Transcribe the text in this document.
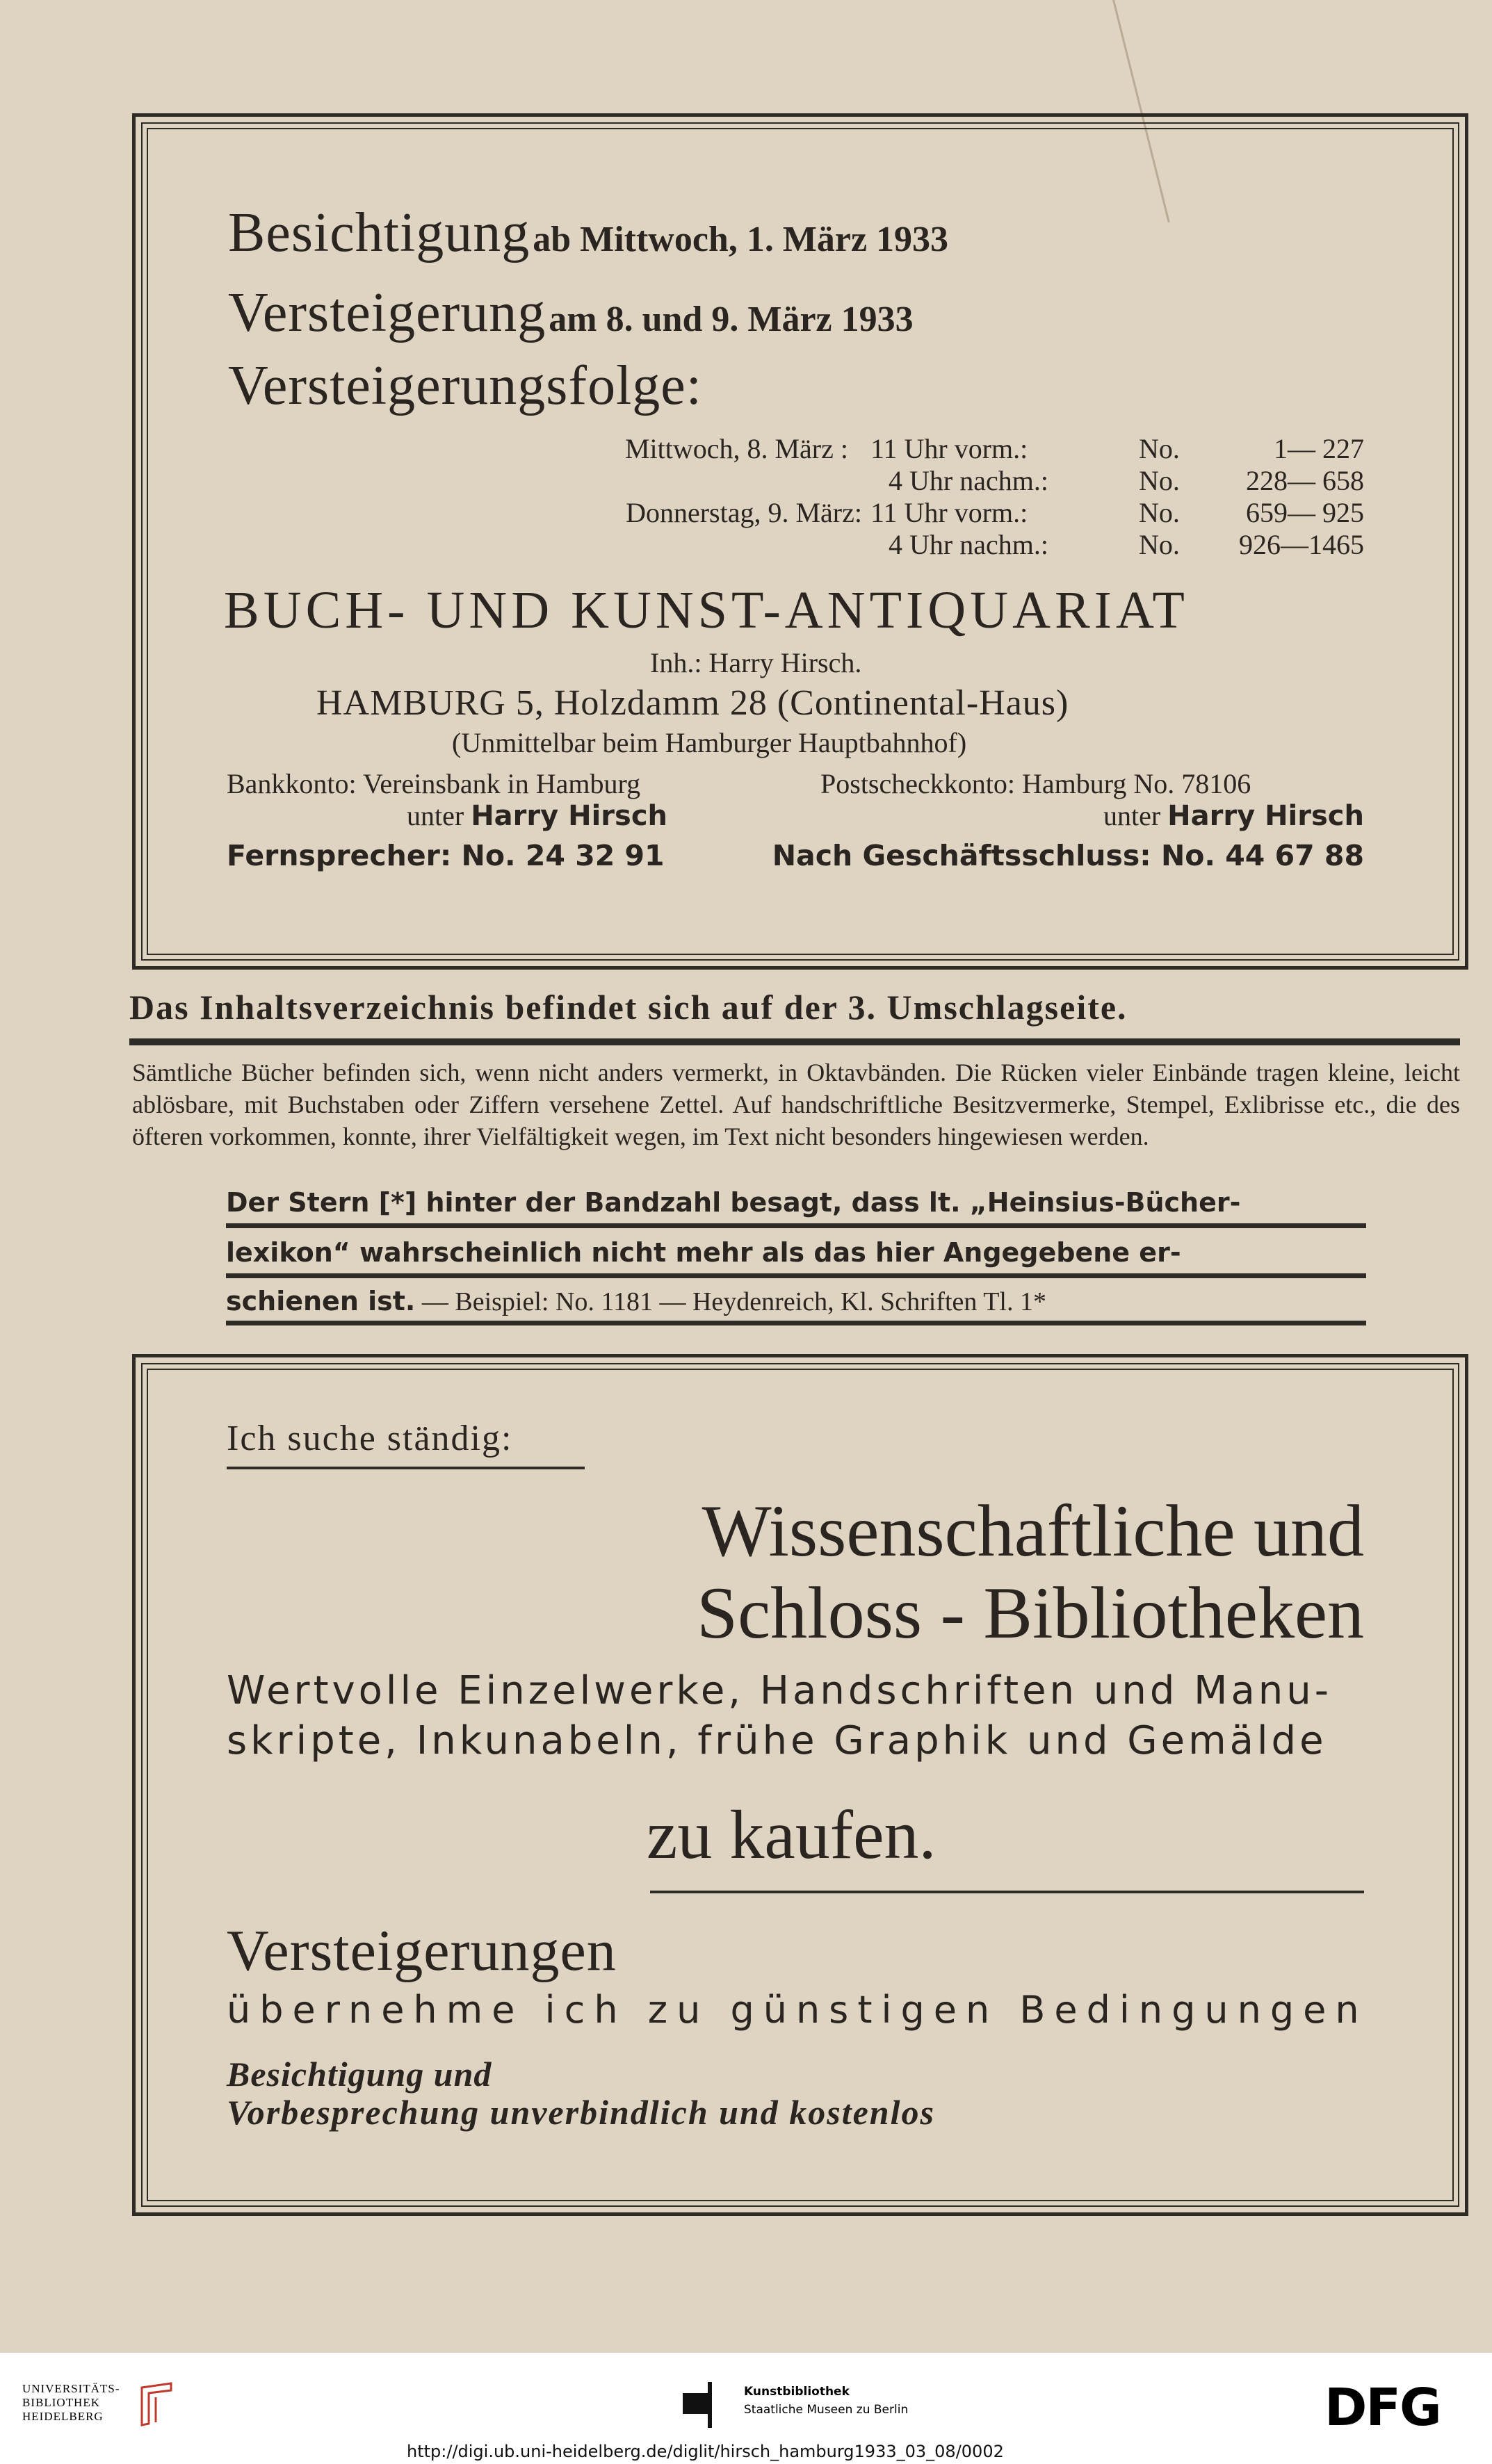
Besichtigung ab Mittwoch, 1. März 1933
Versteigerung am 8. und 9. März 1933
Versteigerungsfolge:
Mittwoch, 8. März : 11 Uhr vorm.:	No.	1— 227
4 Uhr nachm.:	No.	228— 658
Donnerstag, 9. März: 11 Uhr vorm.:	No.	659— 925
4 Uhr nachm.:	No.	926—1465
BUCH- UND KUNST-ANTIQUARIAT
Inh.: Harry Hirsch.
HAMBURG 5, Holzdamm 28 (Continental-Haus)
(Unmittelbar beim Hamburger Hauptbahnhof)
Bankkonto: Vereinsbank in Hamburg
unter Harry Hirsch
Postscheckkonto: Hamburg No. 78106
unter Harry Hirsch
Fernsprecher: No. 24 32 91	Nach Geschäftsschluss: No. 44 67 88
Das Inhaltsverzeichnis befindet sich auf der 3. Umschlagseite.
Sämtliche Bücher befinden sich, wenn nicht anders vermerkt, in Oktavbänden. Die Rücken vieler Einbände tragen kleine, leicht ablösbare, mit Buchstaben oder Ziffern versehene Zettel. Auf handschriftliche Besitzvermerke, Stempel, Exlibrisse etc., die des öfteren vorkommen, konnte, ihrer Vielfältigkeit wegen, im Text nicht besonders hingewiesen werden.
Der Stern [*] hinter der Bandzahl besagt, dass lt. „Heinsius-Bücher-
lexikon“ wahrscheinlich nicht mehr als das hier Angegebene er-
schienen ist. — Beispiel: No. 1181 — Heydenreich, Kl. Schriften Tl. 1*
Ich suche ständig:
Wissenschaftliche und
Schloss - Bibliotheken
Wertvolle Einzelwerke, Handschriften und Manu-
skripte, Inkunabeln, frühe Graphik und Gemälde
zu kaufen.
Versteigerungen
übernehme ich zu günstigen Bedingungen
Besichtigung und
Vorbesprechung unverbindlich und kostenlos
UNIVERSITÄTS-
BIBLIOTHEK
HEIDELBERG
Kunstbibliothek
Staatliche Museen zu Berlin	DFG
http://digi.ub.uni-heidelberg.de/diglit/hirsch_hamburg1933_03_08/0002
